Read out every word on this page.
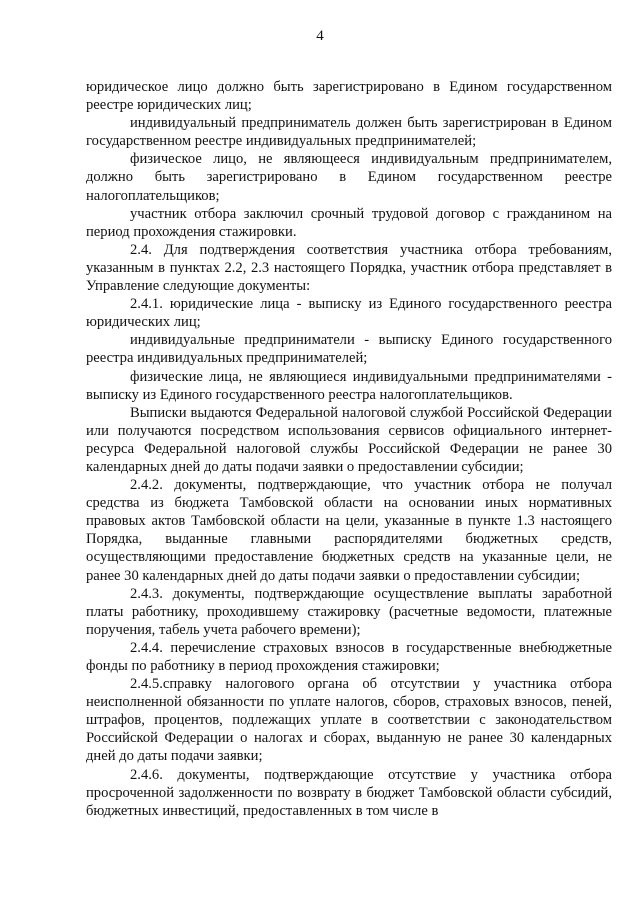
4

юридическое лицо должно быть зарегистрировано в Едином государственном реестре юридических лиц;

индивидуальный предприниматель должен быть зарегистрирован в Едином государственном реестре индивидуальных предпринимателей;

физическое лицо, не являющееся индивидуальным предпринимателем, должно быть зарегистрировано в Едином государственном реестре налогоплательщиков;

участник отбора заключил срочный трудовой договор с гражданином на период прохождения стажировки.

2.4. Для подтверждения соответствия участника отбора требованиям, указанным в пунктах 2.2, 2.3 настоящего Порядка, участник отбора представляет в Управление следующие документы:

2.4.1. юридические лица - выписку из Единого государственного реестра юридических лиц;

индивидуальные предприниматели - выписку Единого государственного реестра индивидуальных предпринимателей;

физические лица, не являющиеся индивидуальными предпринимателями - выписку из Единого государственного реестра налогоплательщиков.

Выписки выдаются Федеральной налоговой службой Российской Федерации или получаются посредством использования сервисов официального интернет-ресурса Федеральной налоговой службы Российской Федерации не ранее 30 календарных дней до даты подачи заявки о предоставлении субсидии;

2.4.2. документы, подтверждающие, что участник отбора не получал средства из бюджета Тамбовской области на основании иных нормативных правовых актов Тамбовской области на цели, указанные в пункте 1.3 настоящего Порядка, выданные главными распорядителями бюджетных средств, осуществляющими предоставление бюджетных средств на указанные цели, не ранее 30 календарных дней до даты подачи заявки о предоставлении субсидии;

2.4.3. документы, подтверждающие осуществление выплаты заработной платы работнику, проходившему стажировку (расчетные ведомости, платежные поручения, табель учета рабочего времени);

2.4.4. перечисление страховых взносов в государственные внебюджетные фонды по работнику в период прохождения стажировки;

2.4.5.справку налогового органа об отсутствии у участника отбора неисполненной обязанности по уплате налогов, сборов, страховых взносов, пеней, штрафов, процентов, подлежащих уплате в соответствии с законодательством Российской Федерации о налогах и сборах, выданную не ранее 30 календарных дней до даты подачи заявки;

2.4.6. документы, подтверждающие отсутствие у участника отбора просроченной задолженности по возврату в бюджет Тамбовской области субсидий, бюджетных инвестиций, предоставленных в том числе в
